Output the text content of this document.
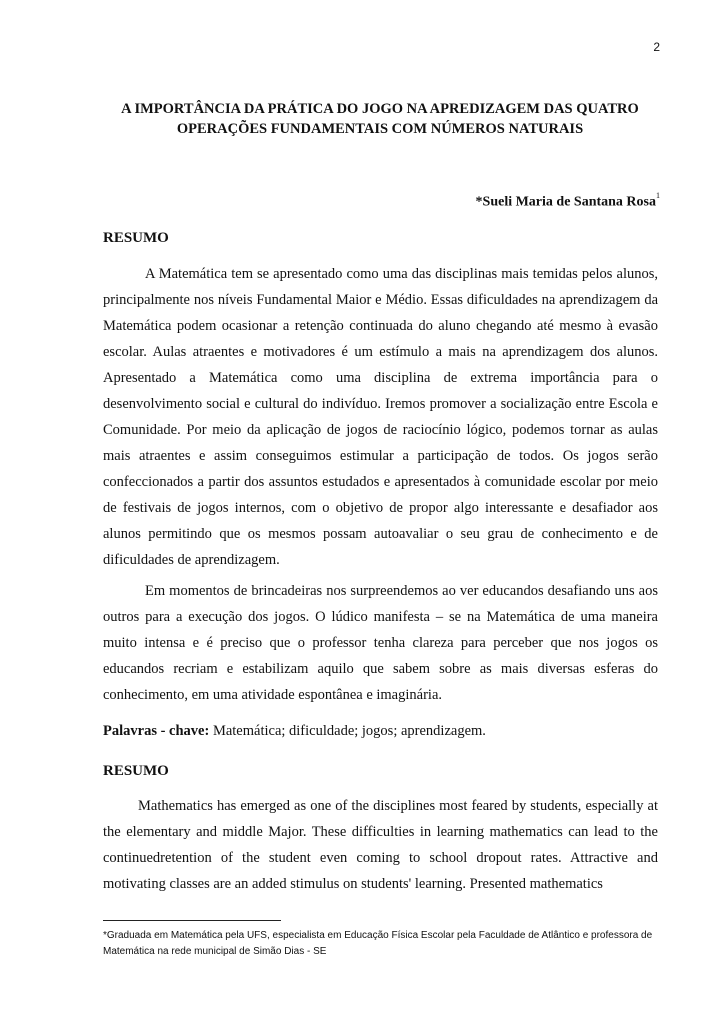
2
A IMPORTÂNCIA DA PRÁTICA DO JOGO NA APREDIZAGEM DAS QUATRO
OPERAÇÕES FUNDAMENTAIS COM NÚMEROS NATURAIS
*Sueli Maria de Santana Rosa$^1$

RESUMO

A Matemática tem se apresentado como uma das disciplinas mais temidas pelos alunos, principalmente nos níveis Fundamental Maior e Médio. Essas dificuldades na aprendizagem da Matemática podem ocasionar a retenção continuada do aluno chegando até mesmo à evasão escolar. Aulas atraentes e motivadores é um estímulo a mais na aprendizagem dos alunos. Apresentado a Matemática como uma disciplina de extrema importância para o desenvolvimento social e cultural do indivíduo. Iremos promover a socialização entre Escola e Comunidade. Por meio da aplicação de jogos de raciocínio lógico, podemos tornar as aulas mais atraentes e assim conseguimos estimular a participação de todos. Os jogos serão confeccionados a partir dos assuntos estudados e apresentados à comunidade escolar por meio de festivais de jogos internos, com o objetivo de propor algo interessante e desafiador aos alunos permitindo que os mesmos possam autoavaliar o seu grau de conhecimento e de dificuldades de aprendizagem.

Em momentos de brincadeiras nos surpreendemos ao ver educandos desafiando uns aos outros para a execução dos jogos. O lúdico manifesta – se na Matemática de uma maneira muito intensa e é preciso que o professor tenha clareza para perceber que nos jogos os educandos recriam e estabilizam aquilo que sabem sobre as mais diversas esferas do conhecimento, em uma atividade espontânea e imaginária.

Palavras - chave: Matemática; dificuldade; jogos; aprendizagem.

RESUMO

Mathematics has emerged as one of the disciplines most feared by students, especially at the elementary and middle Major. These difficulties in learning mathematics can lead to the continuedretention of the student even coming to school dropout rates. Attractive and motivating classes are an added stimulus on students' learning. Presented mathematics

*Graduada em Matemática pela UFS, especialista em Educação Física Escolar pela Faculdade de Atlântico e professora de Matemática na rede municipal de Simão Dias - SE
